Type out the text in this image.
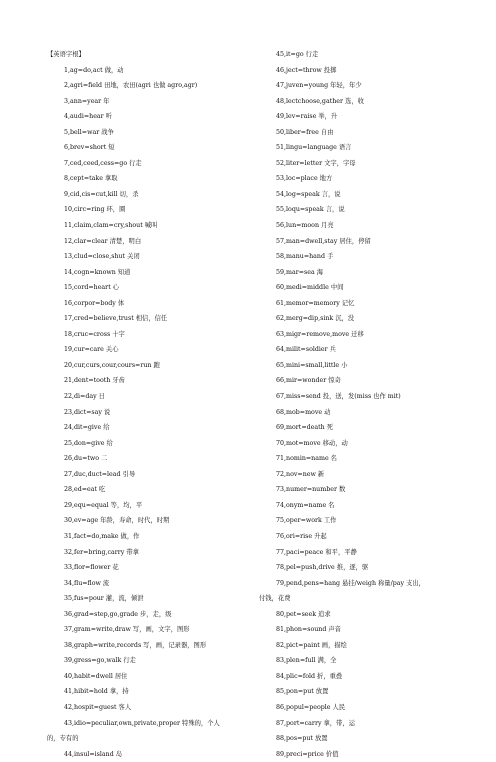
【英语字根】
1,ag=do,act 做，动
2,agri=field 田地，农田(agri 也做 agro,agr)
3,ann=year 年
4,audi=hear 听
5,bell=war 战争
6,brev=short 短
7,ced,ceed,cess=go 行走
8,cept=take 拿取
9,cid,cis=cut,kill 切，杀
10,circ=ring 环，圈
11,claim,clam=cry,shout 喊叫
12,clar=clear 清楚，明白
13,clud=close,shut 关闭
14,cogn=known 知道
15,cord=heart 心
16,corpor=body 体
17,cred=believe,trust 相信，信任
18,cruc=cross 十字
19,cur=care 关心
20,cur,curs,cour,cours=run 跑
21,dent=tooth 牙齿
22,di=day 日
23,dict=say 说
24,dit=give 给
25,don=give 给
26,du=two 二
27,duc,duct=lead 引导
28,ed=eat 吃
29,equ=equal 等，均，平
30,ev=age 年龄，寿命，时代，时期
31,fact=do,make 做，作
32,fer=bring,carry 带拿
33,flor=flower 花
34,flu=flow 流
35,fus=pour 灌，流，倾泄
36,grad=step,go,grade 步，走，级
37,gram=write,draw 写，画，文字，图形
38,graph=write,records 写，画，记录器，图形
39,gress=go,walk 行走
40,habit=dwell 居住
41,hibit=hold 拿，持
42,hospit=guest 客人
43,idio=peculiar,own,private,proper 特殊的，个人
的，专有的
44,insul=island 岛
45,it=go 行走
46,ject=throw 投掷
47,juven=young 年轻，年少
48,lectchoose,gather 选，收
49,lev=raise 举，升
50,liber=free 自由
51,lingu=language 语言
52,liter=letter 文字，字母
53,loc=place 地方
54,log=speak 言，说
55,loqu=speak 言，说
56,lun=moon 月亮
57,man=dwell,stay 居住，停留
58,manu=hand 手
59,mar=sea 海
60,medi=middle 中间
61,memor=memory 记忆
62,merg=dip,sink 沉，没
63,migr=remove,move 迁移
64,milit=soldier 兵
65,mini=small,little 小
66,mir=wonder 惊奇
67,miss=send 投，送，发(miss 也作 mit)
68,mob=move 动
69,mort=death 死
70,mot=move 移动，动
71,nomin=name 名
72,nov=new 新
73,numer=number 数
74,onym=name 名
75,oper=work 工作
76,ori=rise 升起
77,paci=peace 和平，平静
78,pel=push,drive 推，逐，驱
79,pend,pens=hang 悬挂/weigh 称量/pay 支出，
付钱，花费
80,pet=seek 追求
81,phon=sound 声音
82,pict=paint 画，描绘
83,plen=full 满，全
84,plic=fold 折，重叠
85,pon=put 放置
86,popul=people 人民
87,port=carry 拿，带，运
88,pos=put 放置
89,preci=price 价值
